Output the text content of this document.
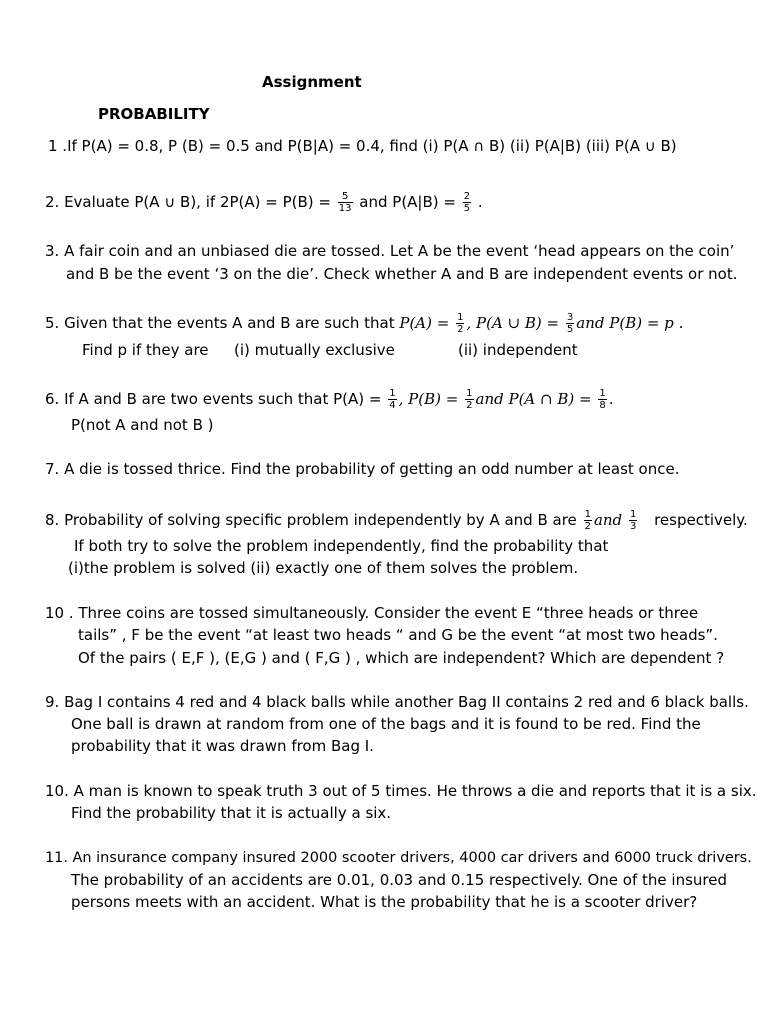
Assignment
PROBABILITY
1 .If P(A) = 0.8, P (B) = 0.5 and P(B|A) = 0.4, find (i) P(A ∩ B) (ii) P(A|B) (iii) P(A ∪ B)
2. Evaluate P(A ∪ B), if $2P(A) = P(B) = \frac{5}{13}$ and $P(A|B) = \frac{2}{5}$ .
3. A fair coin and an unbiased die are tossed. Let A be the event ‘head appears on the coin’
and B be the event ‘3 on the die’. Check whether A and B are independent events or not.
5. Given that the events A and B are such that $P(A) = \frac{1}{2}$ , P(A ∪ $B) = \frac{3}{5}$ and P(B) = p .
Find p if they are (i) mutually exclusive	(ii) independent
6. If A and B are two events such that $P(A) = \frac{1}{4}$ , $P(B) = \frac{1}{2}$ and P(A ∩ $B) = \frac{1}{8}$ .
P(not A and not B )
7. A die is tossed thrice. Find the probability of getting an odd number at least once.
8. Probability of solving specific problem independently by A and B are $\frac{1}{2}$ and $\frac{1}{3}$ respectively.
If both try to solve the problem independently, find the probability that
(i)the problem is solved (ii) exactly one of them solves the problem.
10 . Three coins are tossed simultaneously. Consider the event E “three heads or three
tails” , F be the event “at least two heads “ and G be the event “at most two heads”.
Of the pairs ( E,F ), (E,G ) and ( F,G ) , which are independent? Which are dependent ?
9. Bag I contains 4 red and 4 black balls while another Bag II contains 2 red and 6 black balls.
One ball is drawn at random from one of the bags and it is found to be red. Find the
probability that it was drawn from Bag I.
10. A man is known to speak truth 3 out of 5 times. He throws a die and reports that it is a six.
Find the probability that it is actually a six.
11. An insurance company insured 2000 scooter drivers, 4000 car drivers and 6000 truck drivers.
The probability of an accidents are 0.01, 0.03 and 0.15 respectively. One of the insured
persons meets with an accident. What is the probability that he is a scooter driver?
